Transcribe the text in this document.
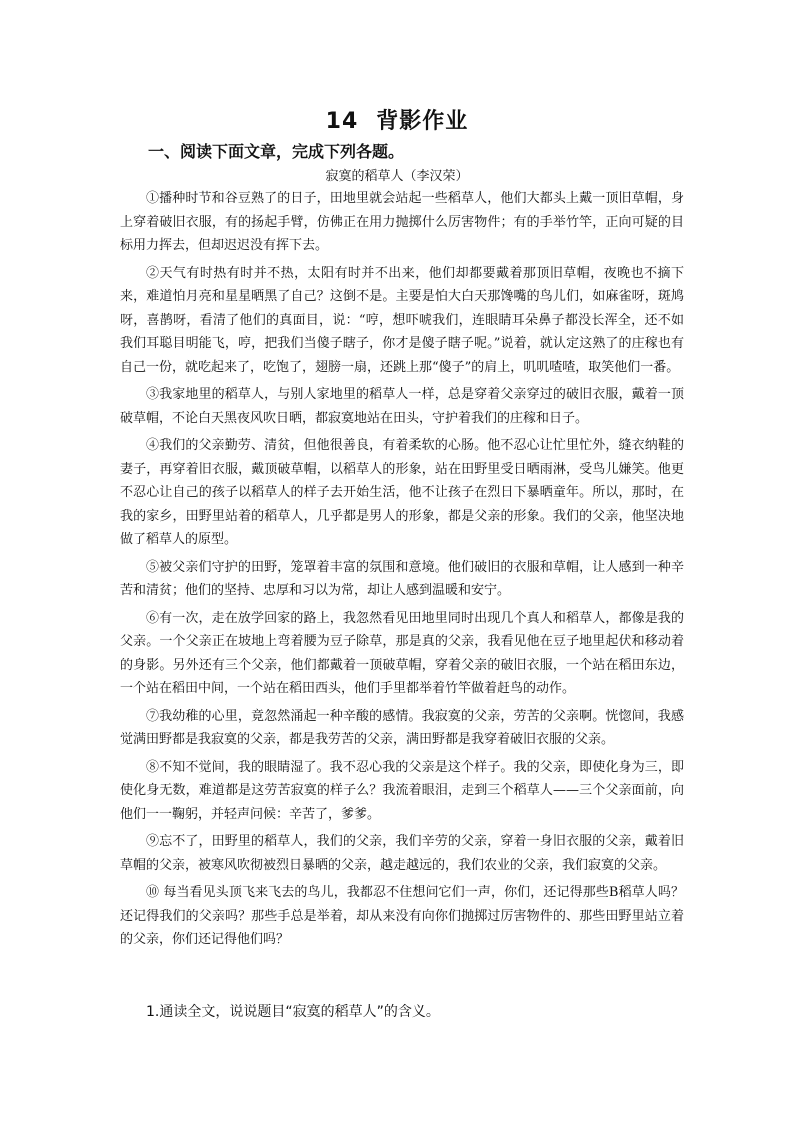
14 背影作业
一、阅读下面文章，完成下列各题。
寂寞的稻草人（李汉荣）

①播种时节和谷豆熟了的日子，田地里就会站起一些稻草人，他们大都头上戴一顶旧草帽，身上穿着破旧衣服，有的扬起手臂，仿佛正在用力抛掷什么厉害物件；有的手举竹竿，正向可疑的目标用力挥去，但却迟迟没有挥下去。

②天气有时热有时并不热，太阳有时并不出来，他们却都要戴着那顶旧草帽，夜晚也不摘下来，难道怕月亮和星星晒黑了自己？这倒不是。主要是怕大白天那馋嘴的鸟儿们，如麻雀呀，斑鸠呀，喜鹊呀，看清了他们的真面目，说：“哼，想吓唬我们，连眼睛耳朵鼻子都没长浑全，还不如我们耳聪目明能飞，哼，把我们当傻子瞎子，你才是傻子瞎子呢。”说着，就认定这熟了的庄稼也有自己一份，就吃起来了，吃饱了，翅膀一扇，还跳上那“傻子”的肩上，叽叽喳喳，取笑他们一番。

③我家地里的稻草人，与别人家地里的稻草人一样，总是穿着父亲穿过的破旧衣服，戴着一顶破草帽，不论白天黑夜风吹日晒，都寂寞地站在田头，守护着我们的庄稼和日子。

④我们的父亲勤劳、清贫，但他很善良，有着柔软的心肠。他不忍心让忙里忙外，缝衣纳鞋的妻子，再穿着旧衣服，戴顶破草帽，以稻草人的形象，站在田野里受日晒雨淋，受鸟儿嫌笑。他更不忍心让自己的孩子以稻草人的样子去开始生活，他不让孩子在烈日下暴晒童年。所以，那时，在我的家乡，田野里站着的稻草人，几乎都是男人的形象，都是父亲的形象。我们的父亲，他坚决地做了稻草人的原型。

⑤被父亲们守护的田野，笼罩着丰富的氛围和意境。他们破旧的衣服和草帽，让人感到一种辛苦和清贫；他们的坚持、忠厚和习以为常，却让人感到温暖和安宁。

⑥有一次，走在放学回家的路上，我忽然看见田地里同时出现几个真人和稻草人，都像是我的父亲。一个父亲正在坡地上弯着腰为豆子除草，那是真的父亲，我看见他在豆子地里起伏和移动着的身影。另外还有三个父亲，他们都戴着一顶破草帽，穿着父亲的破旧衣服，一个站在稻田东边，一个站在稻田中间，一个站在稻田西头，他们手里都举着竹竿做着赶鸟的动作。

⑦我幼稚的心里，竟忽然涌起一种辛酸的感情。我寂寞的父亲，劳苦的父亲啊。恍惚间，我感觉满田野都是我寂寞的父亲，都是我劳苦的父亲，满田野都是我穿着破旧衣服的父亲。

⑧不知不觉间，我的眼睛湿了。我不忍心我的父亲是这个样子。我的父亲，即使化身为三，即使化身无数，难道都是这劳苦寂寞的样子么？我流着眼泪，走到三个稻草人——三个父亲面前，向他们一一鞠躬，并轻声问候：辛苦了，爹爹。

⑨忘不了，田野里的稻草人，我们的父亲，我们辛劳的父亲，穿着一身旧衣服的父亲，戴着旧草帽的父亲，被寒风吹彻被烈日暴晒的父亲，越走越远的，我们农业的父亲，我们寂寞的父亲。

⑩ 每当看见头顶飞来飞去的鸟儿，我都忍不住想问它们一声，你们，还记得那些B稻草人吗？还记得我们的父亲吗？那些手总是举着，却从来没有向你们抛掷过厉害物件的、那些田野里站立着的父亲，你们还记得他们吗？

1.通读全文，说说题目“寂寞的稻草人”的含义。
